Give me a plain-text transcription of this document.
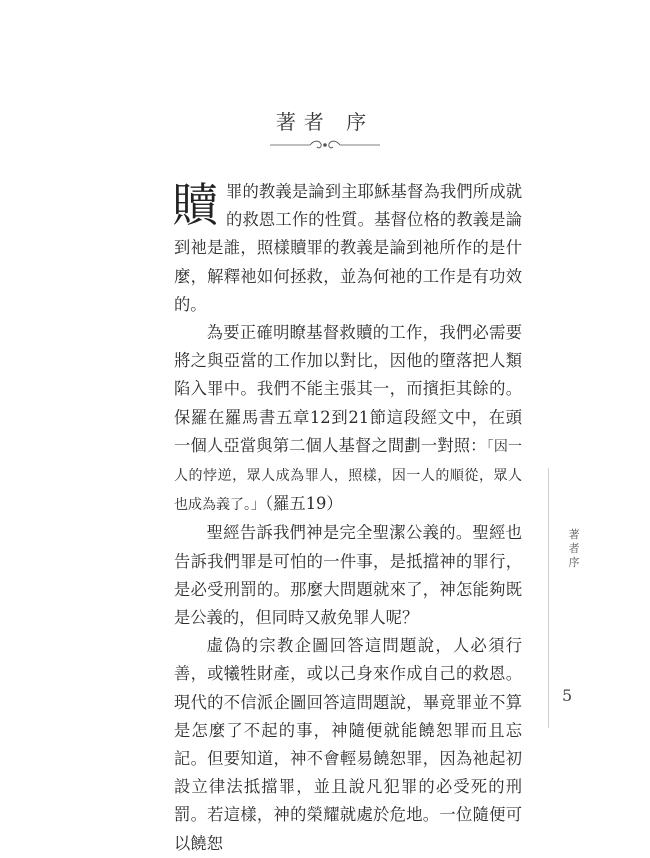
著者 序

贖罪的教義是論到主耶穌基督為我們所成就的救恩工作的性質。基督位格的教義是論到祂是誰，照樣贖罪的教義是論到祂所作的是什麼，解釋祂如何拯救，並為何祂的工作是有功效的。

為要正確明瞭基督救贖的工作，我們必需要將之與亞當的工作加以對比，因他的墮落把人類陷入罪中。我們不能主張其一，而擯拒其餘的。保羅在羅馬書五章12到21節這段經文中，在頭一個人亞當與第二個人基督之間劃一對照：「因一人的悖逆，眾人成為罪人，照樣，因一人的順從，眾人也成為義了。」（羅五19）

聖經告訴我們神是完全聖潔公義的。聖經也告訴我們罪是可怕的一件事，是抵擋神的罪行，是必受刑罰的。那麼大問題就來了，神怎能夠既是公義的，但同時又赦免罪人呢？

虛偽的宗教企圖回答這問題說，人必須行善，或犧牲財產，或以己身來作成自己的救恩。現代的不信派企圖回答這問題說，畢竟罪並不算是怎麼了不起的事，神隨便就能饒恕罪而且忘記。但要知道，神不會輕易饒恕罪，因為祂起初設立律法抵擋罪，並且說凡犯罪的必受死的刑罰。若這樣，神的榮耀就處於危地。一位隨便可以饒恕

著者 序
5
